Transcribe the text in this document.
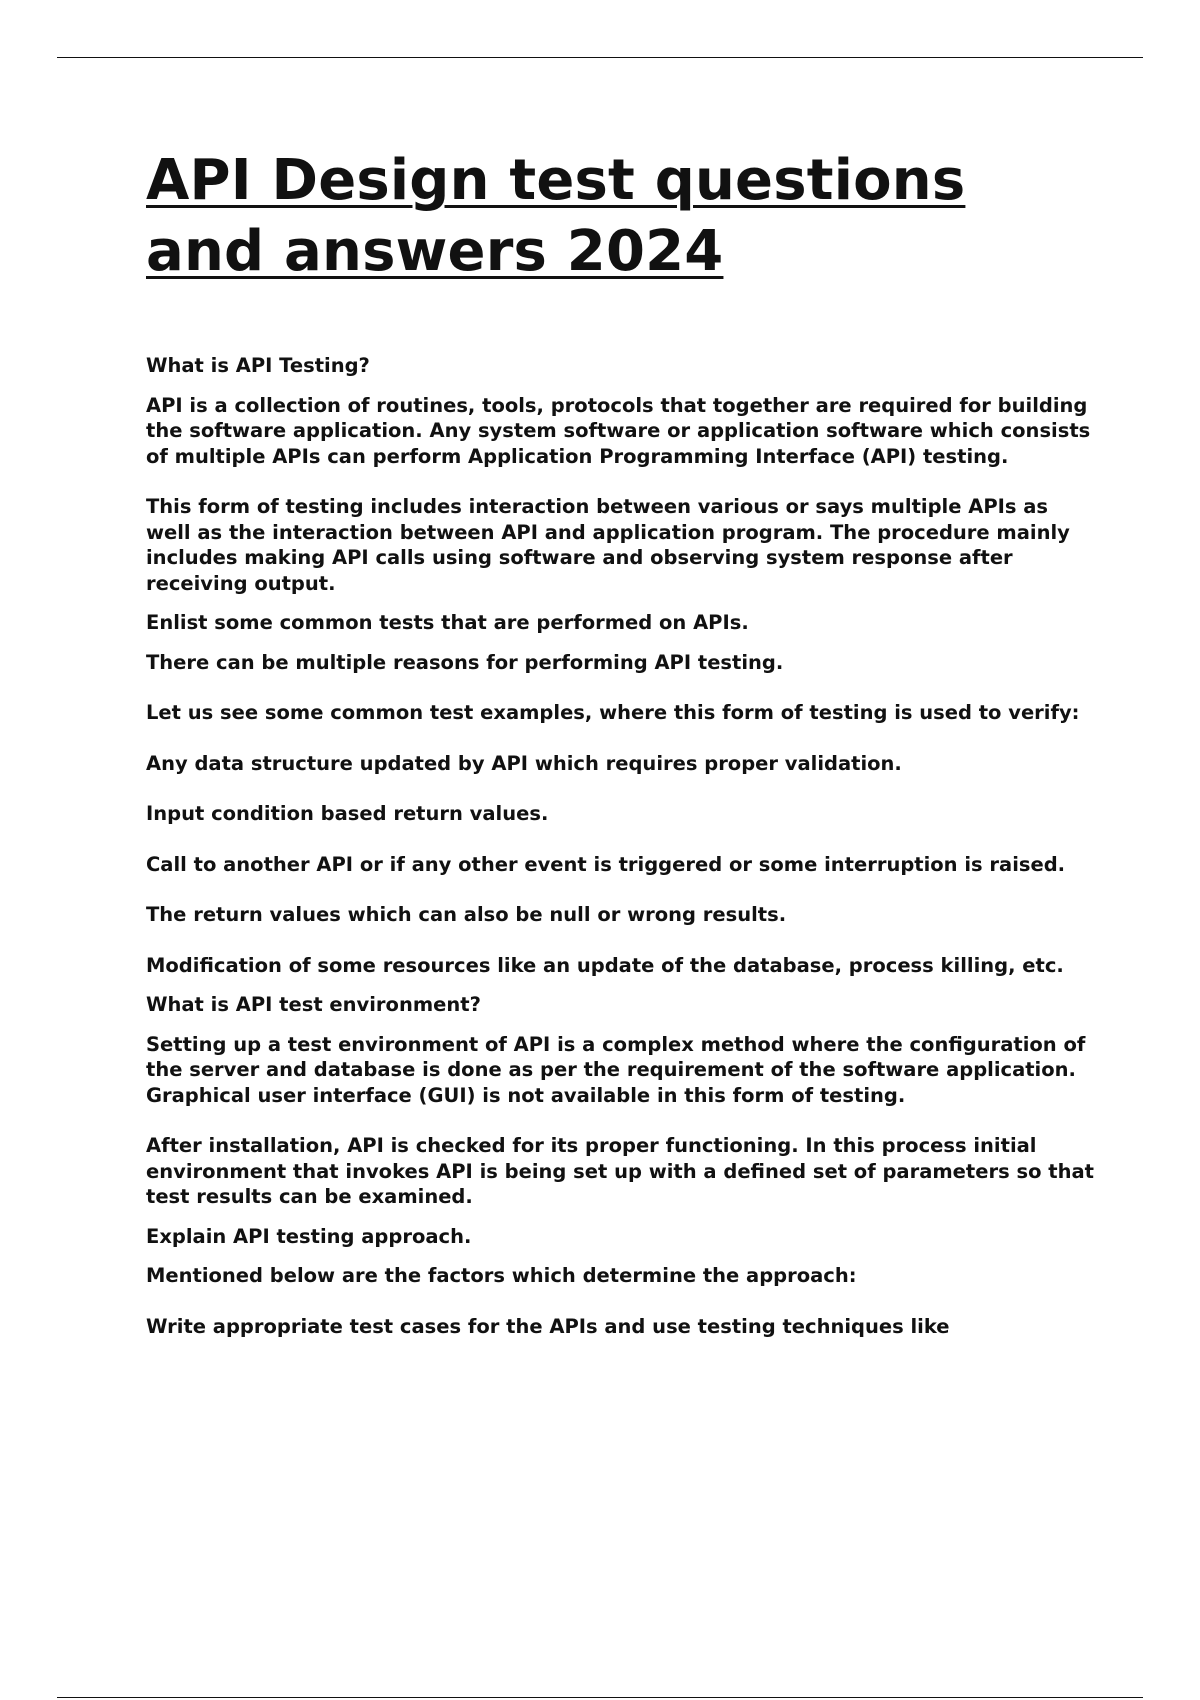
API Design test questions
and answers 2024

What is API Testing?

API is a collection of routines, tools, protocols that together are required for building the software application. Any system software or application software which consists of multiple APIs can perform Application Programming Interface (API) testing.

This form of testing includes interaction between various or says multiple APIs as well as the interaction between API and application program. The procedure mainly includes making API calls using software and observing system response after receiving output.

Enlist some common tests that are performed on APIs.

There can be multiple reasons for performing API testing.

Let us see some common test examples, where this form of testing is used to verify:

Any data structure updated by API which requires proper validation.

Input condition based return values.

Call to another API or if any other event is triggered or some interruption is raised.

The return values which can also be null or wrong results.

Modification of some resources like an update of the database, process killing, etc.

What is API test environment?

Setting up a test environment of API is a complex method where the configuration of the server and database is done as per the requirement of the software application. Graphical user interface (GUI) is not available in this form of testing.

After installation, API is checked for its proper functioning. In this process initial environment that invokes API is being set up with a defined set of parameters so that test results can be examined.

Explain API testing approach.

Mentioned below are the factors which determine the approach:

Write appropriate test cases for the APIs and use testing techniques like
